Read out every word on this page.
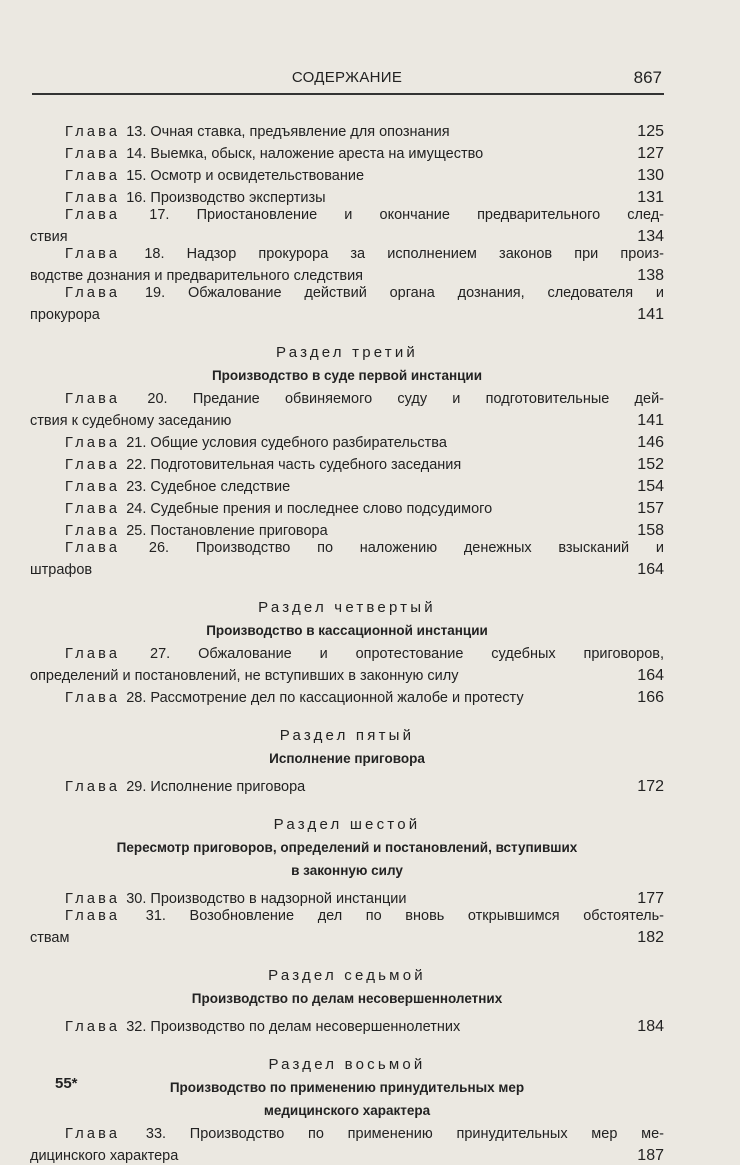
СОДЕРЖАНИЕ	867
Глава 13. Очная ставка, предъявление для опознания	125
Глава 14. Выемка, обыск, наложение ареста на имущество	127
Глава 15. Осмотр и освидетельствование	130
Глава 16. Производство экспертизы	131
Глава 17. Приостановление и окончание предварительного след-
ствия	134
Глава 18. Надзор прокурора за исполнением законов при произ-
водстве дознания и предварительного следствия	138
Глава 19. Обжалование действий органа дознания, следователя и
прокурора	141
Раздел третий
Производство в суде первой инстанции
Глава 20. Предание обвиняемого суду и подготовительные дей-
ствия к судебному заседанию	141
Глава 21. Общие условия судебного разбирательства	146
Глава 22. Подготовительная часть судебного заседания	152
Глава 23. Судебное следствие	154
Глава 24. Судебные прения и последнее слово подсудимого	157
Глава 25. Постановление приговора	158
Глава 26. Производство по наложению денежных взысканий и
штрафов	164
Раздел четвертый
Производство в кассационной инстанции
Глава 27. Обжалование и опротестование судебных приговоров,
определений и постановлений, не вступивших в законную силу	164
Глава 28. Рассмотрение дел по кассационной жалобе и протесту	166
Раздел пятый
Исполнение приговора
Глава 29. Исполнение приговора	172
Раздел шестой
Пересмотр приговоров, определений и постановлений, вступивших
в законную силу
Глава 30. Производство в надзорной инстанции	177
Глава 31. Возобновление дел по вновь открывшимся обстоятель-
ствам	182
Раздел седьмой
Производство по делам несовершеннолетних
Глава 32. Производство по делам несовершеннолетних	184
Раздел восьмой
Производство по применению принудительных мер
медицинского характера
Глава 33. Производство по применению принудительных мер ме-
дицинского характера	187
55*
